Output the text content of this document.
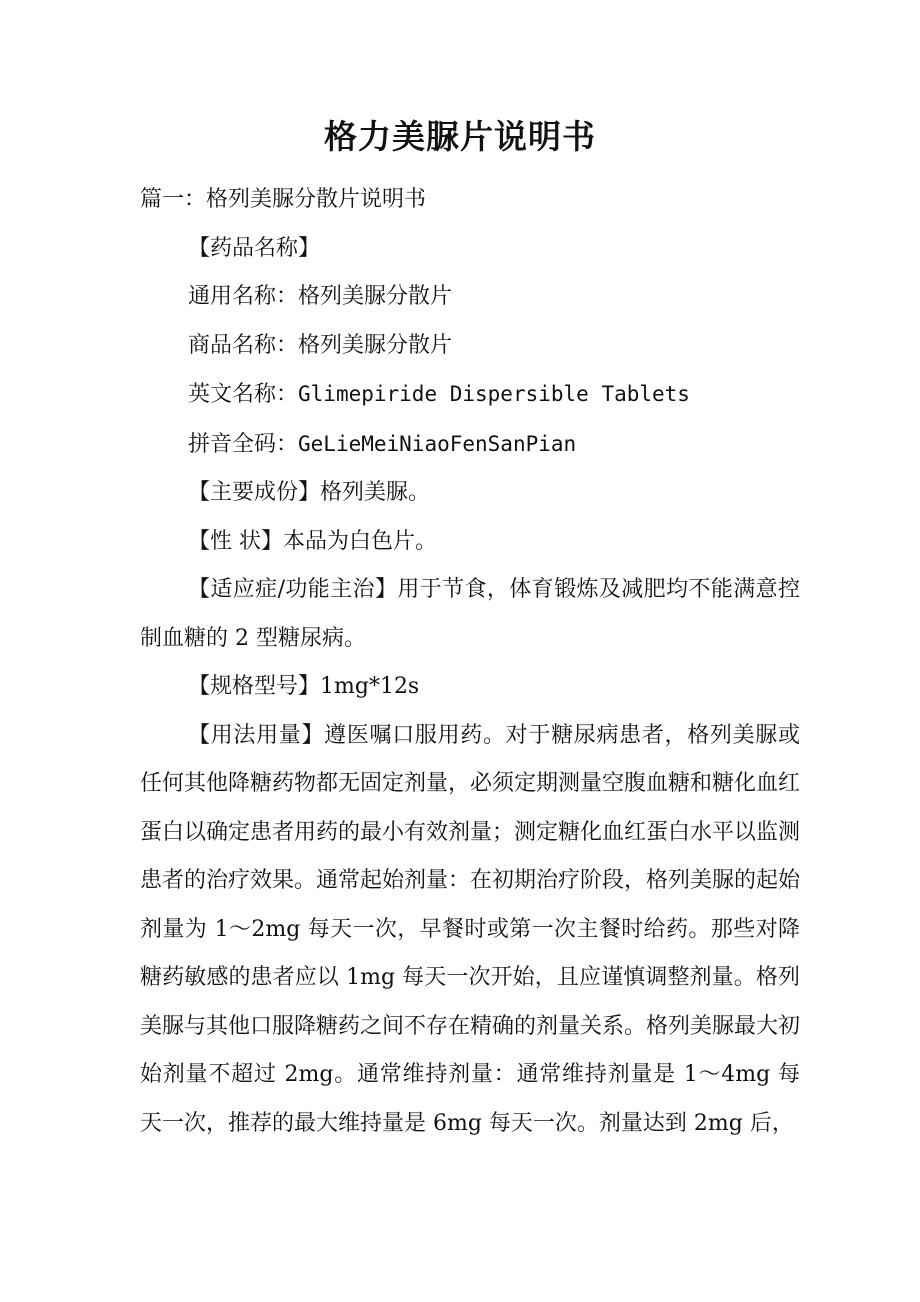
格力美脲片说明书

篇一：格列美脲分散片说明书

【药品名称】

通用名称：格列美脲分散片

商品名称：格列美脲分散片

英文名称：Glimepiride Dispersible Tablets

拼音全码：GeLieMeiNiaoFenSanPian

【主要成份】格列美脲。

【性 状】本品为白色片。

【适应症/功能主治】用于节食，体育锻炼及减肥均不能满意控制血糖的 2 型糖尿病。

【规格型号】1mg*12s

【用法用量】遵医嘱口服用药。对于糖尿病患者，格列美脲或任何其他降糖药物都无固定剂量，必须定期测量空腹血糖和糖化血红蛋白以确定患者用药的最小有效剂量；测定糖化血红蛋白水平以监测患者的治疗效果。通常起始剂量：在初期治疗阶段，格列美脲的起始剂量为 1～2mg 每天一次，早餐时或第一次主餐时给药。那些对降糖药敏感的患者应以 1mg 每天一次开始，且应谨慎调整剂量。格列美脲与其他口服降糖药之间不存在精确的剂量关系。格列美脲最大初始剂量不超过 2mg。通常维持剂量：通常维持剂量是 1～4mg 每天一次，推荐的最大维持量是 6mg 每天一次。剂量达到 2mg 后，
